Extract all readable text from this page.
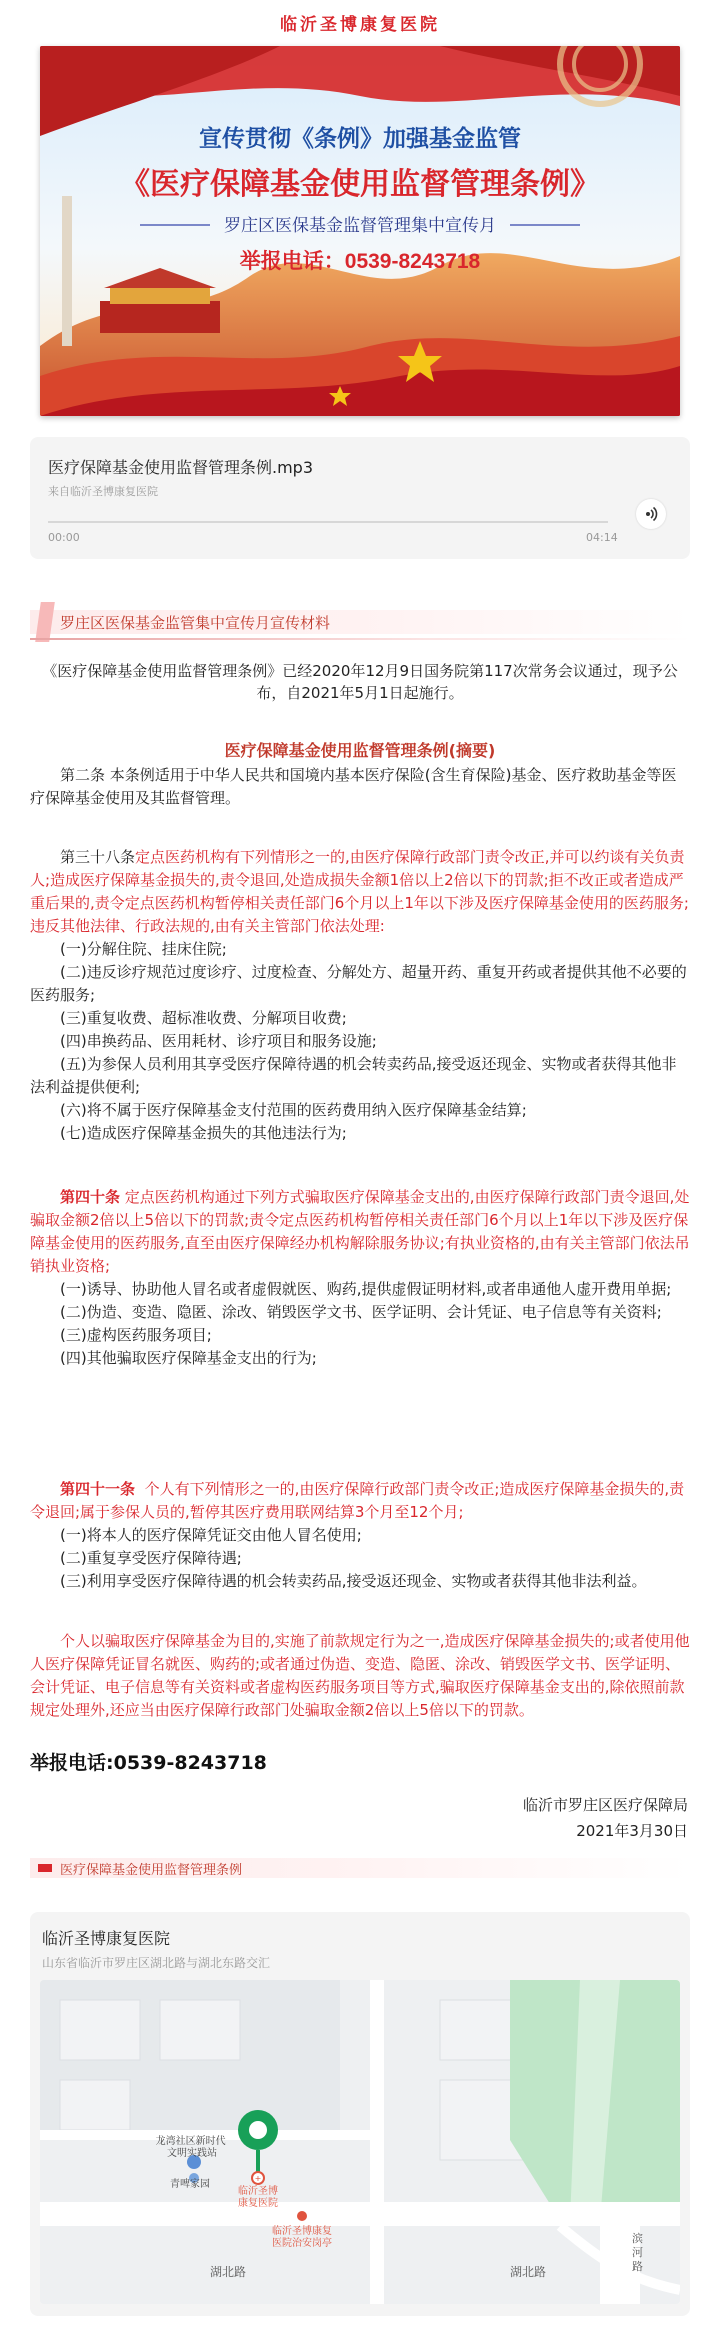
临沂圣博康复医院
宣传贯彻《条例》加强基金监管
《医疗保障基金使用监督管理条例》
罗庄区医保基金监督管理集中宣传月
举报电话：0539-8243718
医疗保障基金使用监督管理条例.mp3
来自临沂圣博康复医院
00:00	04:14
罗庄区医保基金监管集中宣传月宣传材料
《医疗保障基金使用监督管理条例》已经2020年12月9日国务院第117次常务会议通过，现予公布，自2021年5月1日起施行。
医疗保障基金使用监督管理条例(摘要)
第二条 本条例适用于中华人民共和国境内基本医疗保险(含生育保险)基金、医疗救助基金等医疗保障基金使用及其监督管理。
第三十八条定点医药机构有下列情形之一的,由医疗保障行政部门责令改正,并可以约谈有关负责人;造成医疗保障基金损失的,责令退回,处造成损失金额1倍以上2倍以下的罚款;拒不改正或者造成严重后果的,责令定点医药机构暂停相关责任部门6个月以上1年以下涉及医疗保障基金使用的医药服务;违反其他法律、行政法规的,由有关主管部门依法处理:
(一)分解住院、挂床住院;
(二)违反诊疗规范过度诊疗、过度检查、分解处方、超量开药、重复开药或者提供其他不必要的医药服务;
(三)重复收费、超标准收费、分解项目收费;
(四)串换药品、医用耗材、诊疗项目和服务设施;
(五)为参保人员利用其享受医疗保障待遇的机会转卖药品,接受返还现金、实物或者获得其他非法利益提供便利;
(六)将不属于医疗保障基金支付范围的医药费用纳入医疗保障基金结算;
(七)造成医疗保障基金损失的其他违法行为;
第四十条 定点医药机构通过下列方式骗取医疗保障基金支出的,由医疗保障行政部门责令退回,处骗取金额2倍以上5倍以下的罚款;责令定点医药机构暂停相关责任部门6个月以上1年以下涉及医疗保障基金使用的医药服务,直至由医疗保障经办机构解除服务协议;有执业资格的,由有关主管部门依法吊销执业资格;
(一)诱导、协助他人冒名或者虚假就医、购药,提供虚假证明材料,或者串通他人虚开费用单据;
(二)伪造、变造、隐匿、涂改、销毁医学文书、医学证明、会计凭证、电子信息等有关资料;
(三)虚构医药服务项目;
(四)其他骗取医疗保障基金支出的行为;
第四十一条 个人有下列情形之一的,由医疗保障行政部门责令改正;造成医疗保障基金损失的,责令退回;属于参保人员的,暂停其医疗费用联网结算3个月至12个月;
(一)将本人的医疗保障凭证交由他人冒名使用;
(二)重复享受医疗保障待遇;
(三)利用享受医疗保障待遇的机会转卖药品,接受返还现金、实物或者获得其他非法利益。
个人以骗取医疗保障基金为目的,实施了前款规定行为之一,造成医疗保障基金损失的;或者使用他人医疗保障凭证冒名就医、购药的;或者通过伪造、变造、隐匿、涂改、销毁医学文书、医学证明、会计凭证、电子信息等有关资料或者虚构医药服务项目等方式,骗取医疗保障基金支出的,除依照前款规定处理外,还应当由医疗保障行政部门处骗取金额2倍以上5倍以下的罚款。
举报电话:0539-8243718
临沂市罗庄区医疗保障局
2021年3月30日
医疗保障基金使用监督管理条例
临沂圣博康复医院
山东省临沂市罗庄区湖北路与湖北东路交汇
龙湾社区新时代 文明实践站
青啤家园
+
临沂圣博 康复医院
临沂圣博康复 医院治安岗亭
湖北路	湖北路
滨 河 路
